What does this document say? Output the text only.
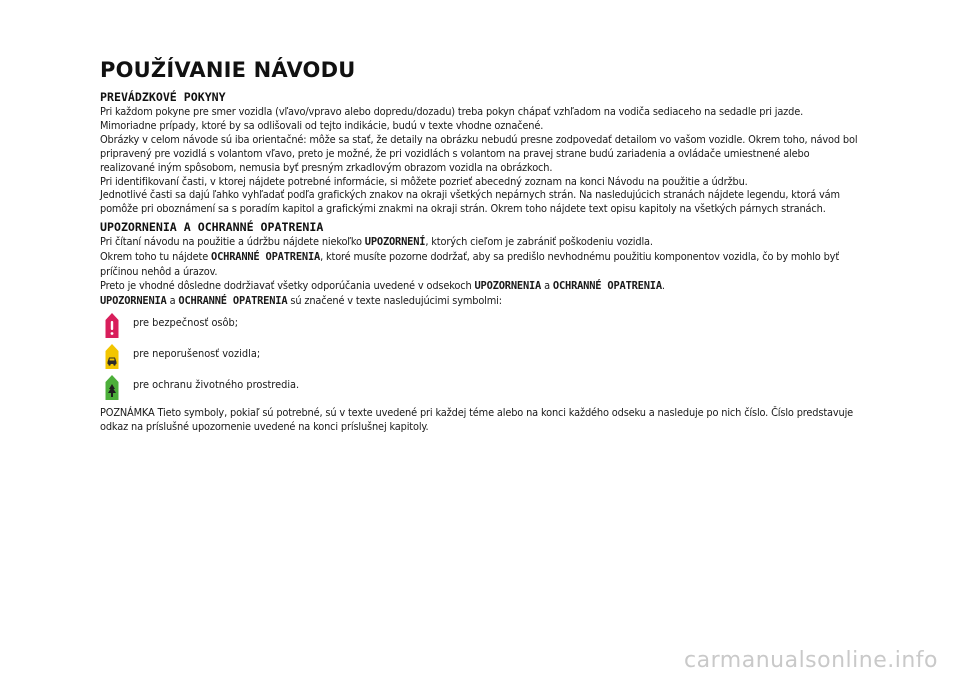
POUŽÍVANIE NÁVODU
PREVÁDZKOVÉ POKYNY

Pri každom pokyne pre smer vozidla (vľavo/vpravo alebo dopredu/dozadu) treba pokyn chápať vzhľadom na vodiča sediaceho na sedadle pri jazde. Mimoriadne prípady, ktoré by sa odlišovali od tejto indikácie, budú v texte vhodne označené.

Obrázky v celom návode sú iba orientačné: môže sa stať, že detaily na obrázku nebudú presne zodpovedať detailom vo vašom vozidle. Okrem toho, návod bol pripravený pre vozidlá s volantom vľavo, preto je možné, že pri vozidlách s volantom na pravej strane budú zariadenia a ovládače umiestnené alebo realizované iným spôsobom, nemusia byť presným zrkadlovým obrazom vozidla na obrázkoch.

Pri identifikovaní časti, v ktorej nájdete potrebné informácie, si môžete pozrieť abecedný zoznam na konci Návodu na použitie a údržbu.

Jednotlivé časti sa dajú ľahko vyhľadať podľa grafických znakov na okraji všetkých nepárnych strán. Na nasledujúcich stranách nájdete legendu, ktorá vám pomôže pri oboznámení sa s poradím kapitol a grafickými znakmi na okraji strán. Okrem toho nájdete text opisu kapitoly na všetkých párnych stranách.

UPOZORNENIA A OCHRANNÉ OPATRENIA

Pri čítaní návodu na použitie a údržbu nájdete niekoľko UPOZORNENÍ, ktorých cieľom je zabrániť poškodeniu vozidla.

Okrem toho tu nájdete OCHRANNÉ OPATRENIA, ktoré musíte pozorne dodržať, aby sa predišlo nevhodnému použitiu komponentov vozidla, čo by mohlo byť príčinou nehôd a úrazov.

Preto je vhodné dôsledne dodržiavať všetky odporúčania uvedené v odsekoch UPOZORNENIA a OCHRANNÉ OPATRENIA.

UPOZORNENIA a OCHRANNÉ OPATRENIA sú značené v texte nasledujúcimi symbolmi:

pre bezpečnosť osôb;
pre neporušenosť vozidla;
pre ochranu životného prostredia.

POZNÁMKA Tieto symboly, pokiaľ sú potrebné, sú v texte uvedené pri každej téme alebo na konci každého odseku a nasleduje po nich číslo. Číslo predstavuje odkaz na príslušné upozornenie uvedené na konci príslušnej kapitoly.

carmanualsonline.info
